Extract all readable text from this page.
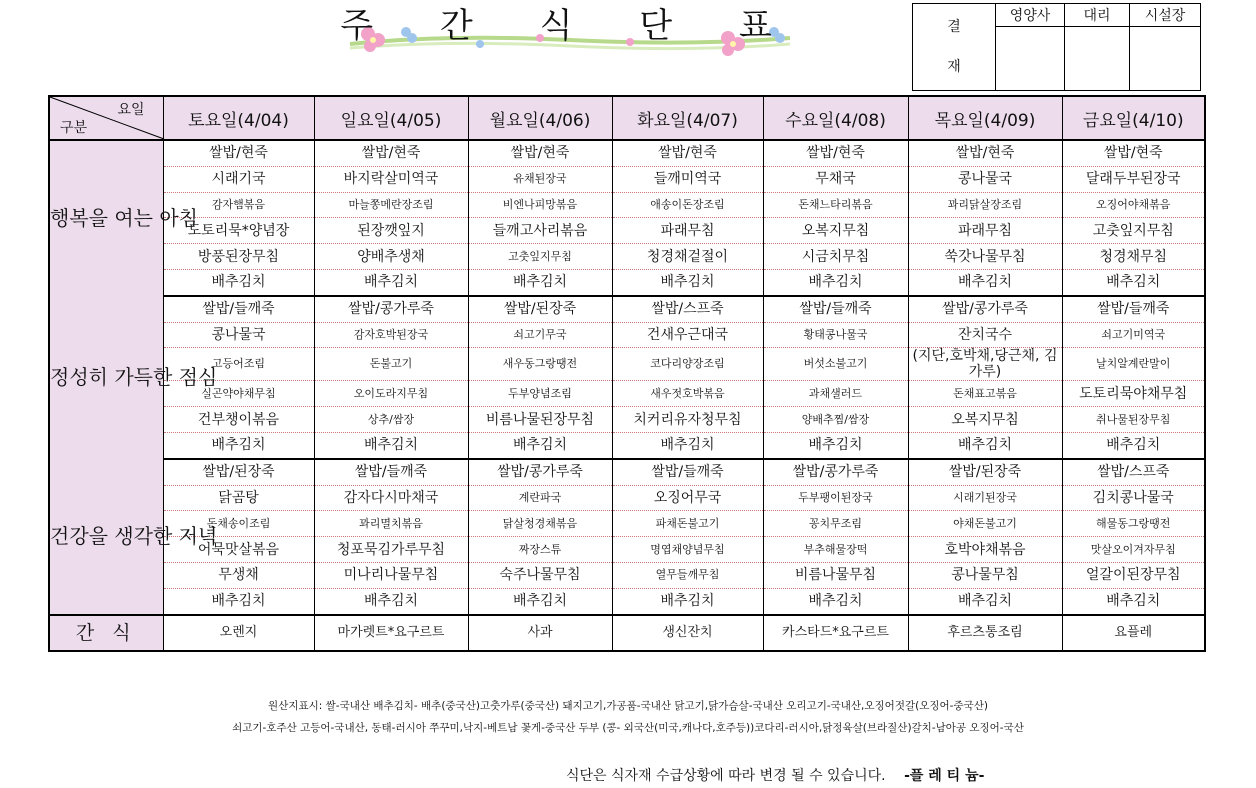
주 간 식 단 표	결
재	영양사	대리	시설장

요일
구분	토요일(4/04)	일요일(4/05)	월요일(4/06)	화요일(4/07)	수요일(4/08)	목요일(4/09)	금요일(4/10)
행복을 여는 아침	쌀밥/현죽	쌀밥/현죽	쌀밥/현죽	쌀밥/현죽	쌀밥/현죽	쌀밥/현죽	쌀밥/현죽
	시래기국	바지락살미역국	유채된장국	들깨미역국	무채국	콩나물국	달래두부된장국
	감자햄볶음	마늘쫑메란장조림	비엔나피망볶음	애송이돈장조림	돈채느타리볶음	꽈리닭살장조림	오징어야채볶음
	도토리묵*양념장	된장깻잎지	들깨고사리볶음	파래무침	오복지무침	파래무침	고춧잎지무침
	방풍된장무침	양배추생채	고춧잎지무침	청경채겉절이	시금치무침	쑥갓나물무침	청경채무침
	배추김치	배추김치	배추김치	배추김치	배추김치	배추김치	배추김치
정성히 가득한 점심	쌀밥/들깨죽	쌀밥/콩가루죽	쌀밥/된장죽	쌀밥/스프죽	쌀밥/들깨죽	쌀밥/콩가루죽	쌀밥/들깨죽
	콩나물국	감자호박된장국	쇠고기무국	건새우근대국	황태콩나물국	잔치국수	쇠고기미역국
	고등어조림	돈불고기	새우동그랑땡전	코다리양장조림	버섯소불고기	(지단,호박채,당근채, 김가루)	날치알계란말이
	실곤약야채무침	오이도라지무침	두부양념조림	새우젓호박볶음	과채샐러드	돈채표고볶음	도토리묵야채무침
	건부챙이볶음	상추/쌈장	비름나물된장무침	치커리유자청무침	양배추찜/쌈장	오복지무침	취나물된장무침
	배추김치	배추김치	배추김치	배추김치	배추김치	배추김치	배추김치
건강을 생각한 저녁	쌀밥/된장죽	쌀밥/들깨죽	쌀밥/콩가루죽	쌀밥/들깨죽	쌀밥/콩가루죽	쌀밥/된장죽	쌀밥/스프죽
	닭곰탕	감자다시마채국	계란파국	오징어무국	두부팽이된장국	시래기된장국	김치콩나물국
	돈채송이조림	꽈리멸치볶음	닭살청경채볶음	파채돈불고기	꽁치무조림	야채돈불고기	해물동그랑땡전
	어묵맛살볶음	청포묵김가루무침	짜장스튜	명엽채양념무침	부추해물장떡	호박야채볶음	맛살오이겨자무침
	무생채	미나리나물무침	숙주나물무침	열무들깨무침	비름나물무침	콩나물무침	얼갈이된장무침
	배추김치	배추김치	배추김치	배추김치	배추김치	배추김치	배추김치
간 식	오렌지	마가렛트*요구르트	사과	생신잔치	카스타드*요구르트	후르츠통조림	요플레
원산지표시: 쌀-국내산 배추김치- 배추(중국산)고춧가루(중국산) 돼지고기,가공품-국내산 닭고기,닭가슴살-국내산 오리고기-국내산,오징어젓갈(오징어-중국산)
쇠고기-호주산 고등어-국내산, 동태-러시아 쭈꾸미,낙지-베트남 꽃게-중국산 두부 (콩- 외국산(미국,캐나다,호주등))코다리-러시아,닭정육살(브라질산)갈치-남아공 오징어-국산
식단은 식자재 수급상황에 따라 변경 될 수 있습니다. -플 레 티 늄-
